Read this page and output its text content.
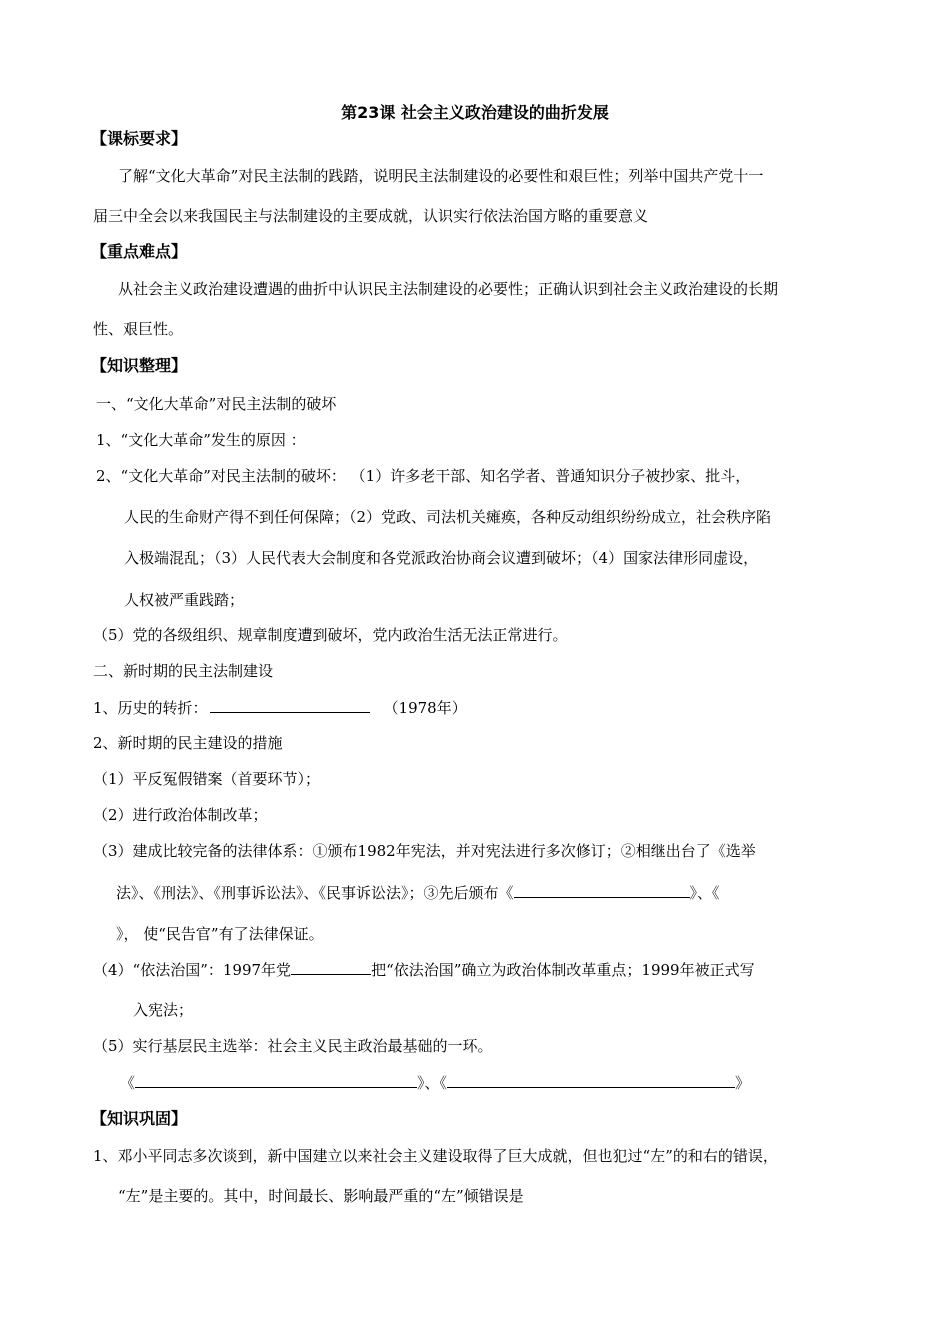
第23课 社会主义政治建设的曲折发展
【课标要求】
了解“文化大革命”对民主法制的践踏，说明民主法制建设的必要性和艰巨性；列举中国共产党十一
届三中全会以来我国民主与法制建设的主要成就，认识实行依法治国方略的重要意义
【重点难点】
从社会主义政治建设遭遇的曲折中认识民主法制建设的必要性；正确认识到社会主义政治建设的长期
性、艰巨性。
【知识整理】
一、“文化大革命”对民主法制的破坏
1、“文化大革命”发生的原因 ：
2、“文化大革命”对民主法制的破坏： （1）许多老干部、知名学者、普通知识分子被抄家、批斗，
人民的生命财产得不到任何保障；（2）党政、司法机关瘫痪，各种反动组织纷纷成立，社会秩序陷
入极端混乱；（3）人民代表大会制度和各党派政治协商会议遭到破坏；（4）国家法律形同虚设，
人权被严重践踏；
（5）党的各级组织、规章制度遭到破坏，党内政治生活无法正常进行。
二、新时期的民主法制建设
1、历史的转折：	（1978年）
2、新时期的民主建设的措施
（1）平反冤假错案（首要环节）；
（2）进行政治体制改革；
（3）建成比较完备的法律体系：①颁布1982年宪法，并对宪法进行多次修订；②相继出台了《选举
法》、《刑法》、《刑事诉讼法》、《民事诉讼法》；③先后颁布《	》、《
》， 使“民告官”有了法律保证。
（4）“依法治国”：1997年党	把“依法治国”确立为政治体制改革重点；1999年被正式写
入宪法；
（5）实行基层民主选举：社会主义民主政治最基础的一环。
《	》、《	》
【知识巩固】
1、邓小平同志多次谈到，新中国建立以来社会主义建设取得了巨大成就，但也犯过“左”的和右的错误，
“左”是主要的。其中，时间最长、影响最严重的“左”倾错误是
